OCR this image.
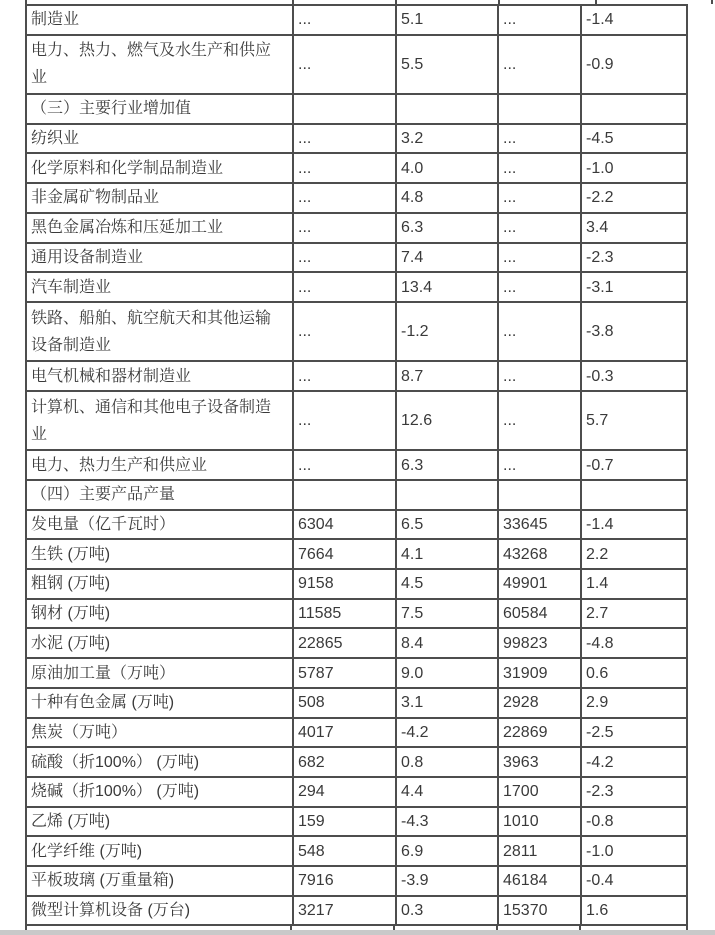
制造业	...	5.1	...	-1.4
电力、热力、燃气及水生产和供应业
...	5.5	...	-0.9
（三）主要行业增加值
纺织业	...	3.2	...	-4.5
化学原料和化学制品制造业	...	4.0	...	-1.0
非金属矿物制品业	...	4.8	...	-2.2
黑色金属冶炼和压延加工业	...	6.3	...	3.4
通用设备制造业	...	7.4	...	-2.3
汽车制造业	...	13.4	...	-3.1
铁路、船舶、航空航天和其他运输设备制造业
...	-1.2	...	-3.8
电气机械和器材制造业	...	8.7	...	-0.3
计算机、通信和其他电子设备制造业
...	12.6	...	5.7
电力、热力生产和供应业	...	6.3	...	-0.7
（四）主要产品产量
发电量（亿千瓦时）	6304	6.5	33645 -1.4
生铁 (万吨)	7664	4.1	43268 2.2
粗钢 (万吨)	9158	4.5	49901 1.4
钢材 (万吨)	11585	7.5	60584 2.7
水泥 (万吨)	22865	8.4	99823 -4.8
原油加工量（万吨）	5787	9.0	31909 0.6
十种有色金属 (万吨)	508	3.1	2928	2.9
焦炭（万吨）	4017	-4.2	22869 -2.5
硫酸（折100%） (万吨)	682	0.8	3963	-4.2
烧碱（折100%） (万吨)	294	4.4	1700	-2.3
乙烯 (万吨)	159	-4.3	1010	-0.8
化学纤维 (万吨)	548	6.9	2811	-1.0
平板玻璃 (万重量箱)	7916	-3.9	46184 -0.4
微型计算机设备 (万台)	3217	0.3	15370 1.6
